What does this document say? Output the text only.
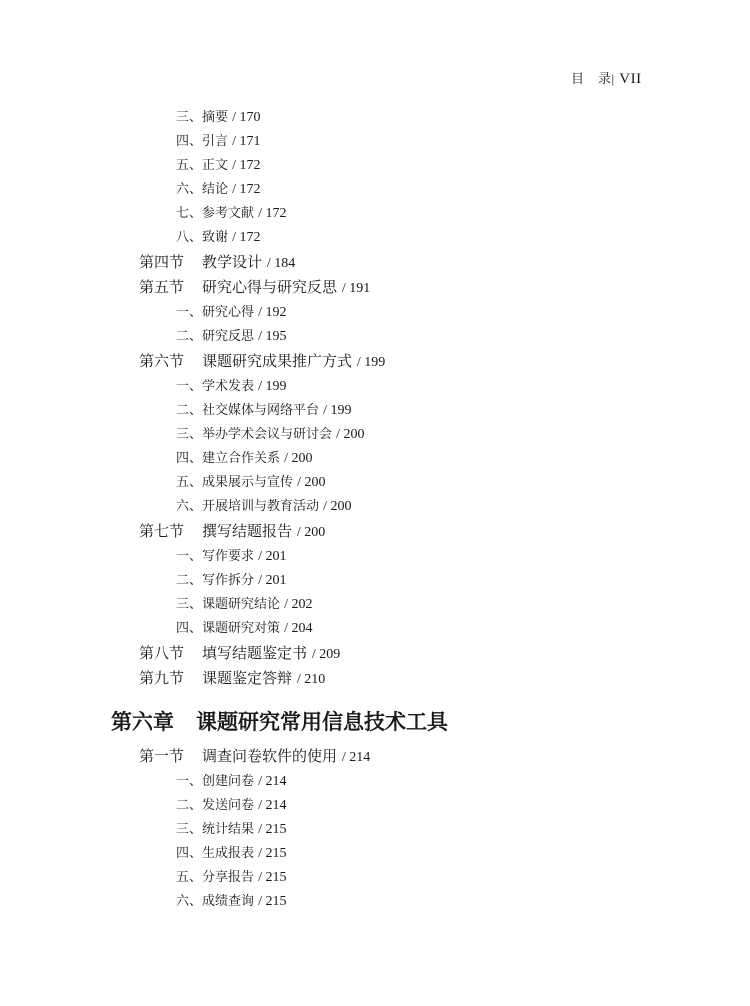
目　录| VII
三、摘要 / 170
四、引言 / 171
五、正文 / 172
六、结论 / 172
七、参考文献 / 172
八、致谢 / 172
第四节 教学设计 / 184
第五节 研究心得与研究反思 / 191
一、研究心得 / 192
二、研究反思 / 195
第六节 课题研究成果推广方式 / 199
一、学术发表 / 199
二、社交媒体与网络平台 / 199
三、举办学术会议与研讨会 / 200
四、建立合作关系 / 200
五、成果展示与宣传 / 200
六、开展培训与教育活动 / 200
第七节 撰写结题报告 / 200
一、写作要求 / 201
二、写作拆分 / 201
三、课题研究结论 / 202
四、课题研究对策 / 204
第八节 填写结题鉴定书 / 209
第九节 课题鉴定答辩 / 210
第六章 课题研究常用信息技术工具
第一节 调查问卷软件的使用 / 214
一、创建问卷 / 214
二、发送问卷 / 214
三、统计结果 / 215
四、生成报表 / 215
五、分享报告 / 215
六、成绩查询 / 215
